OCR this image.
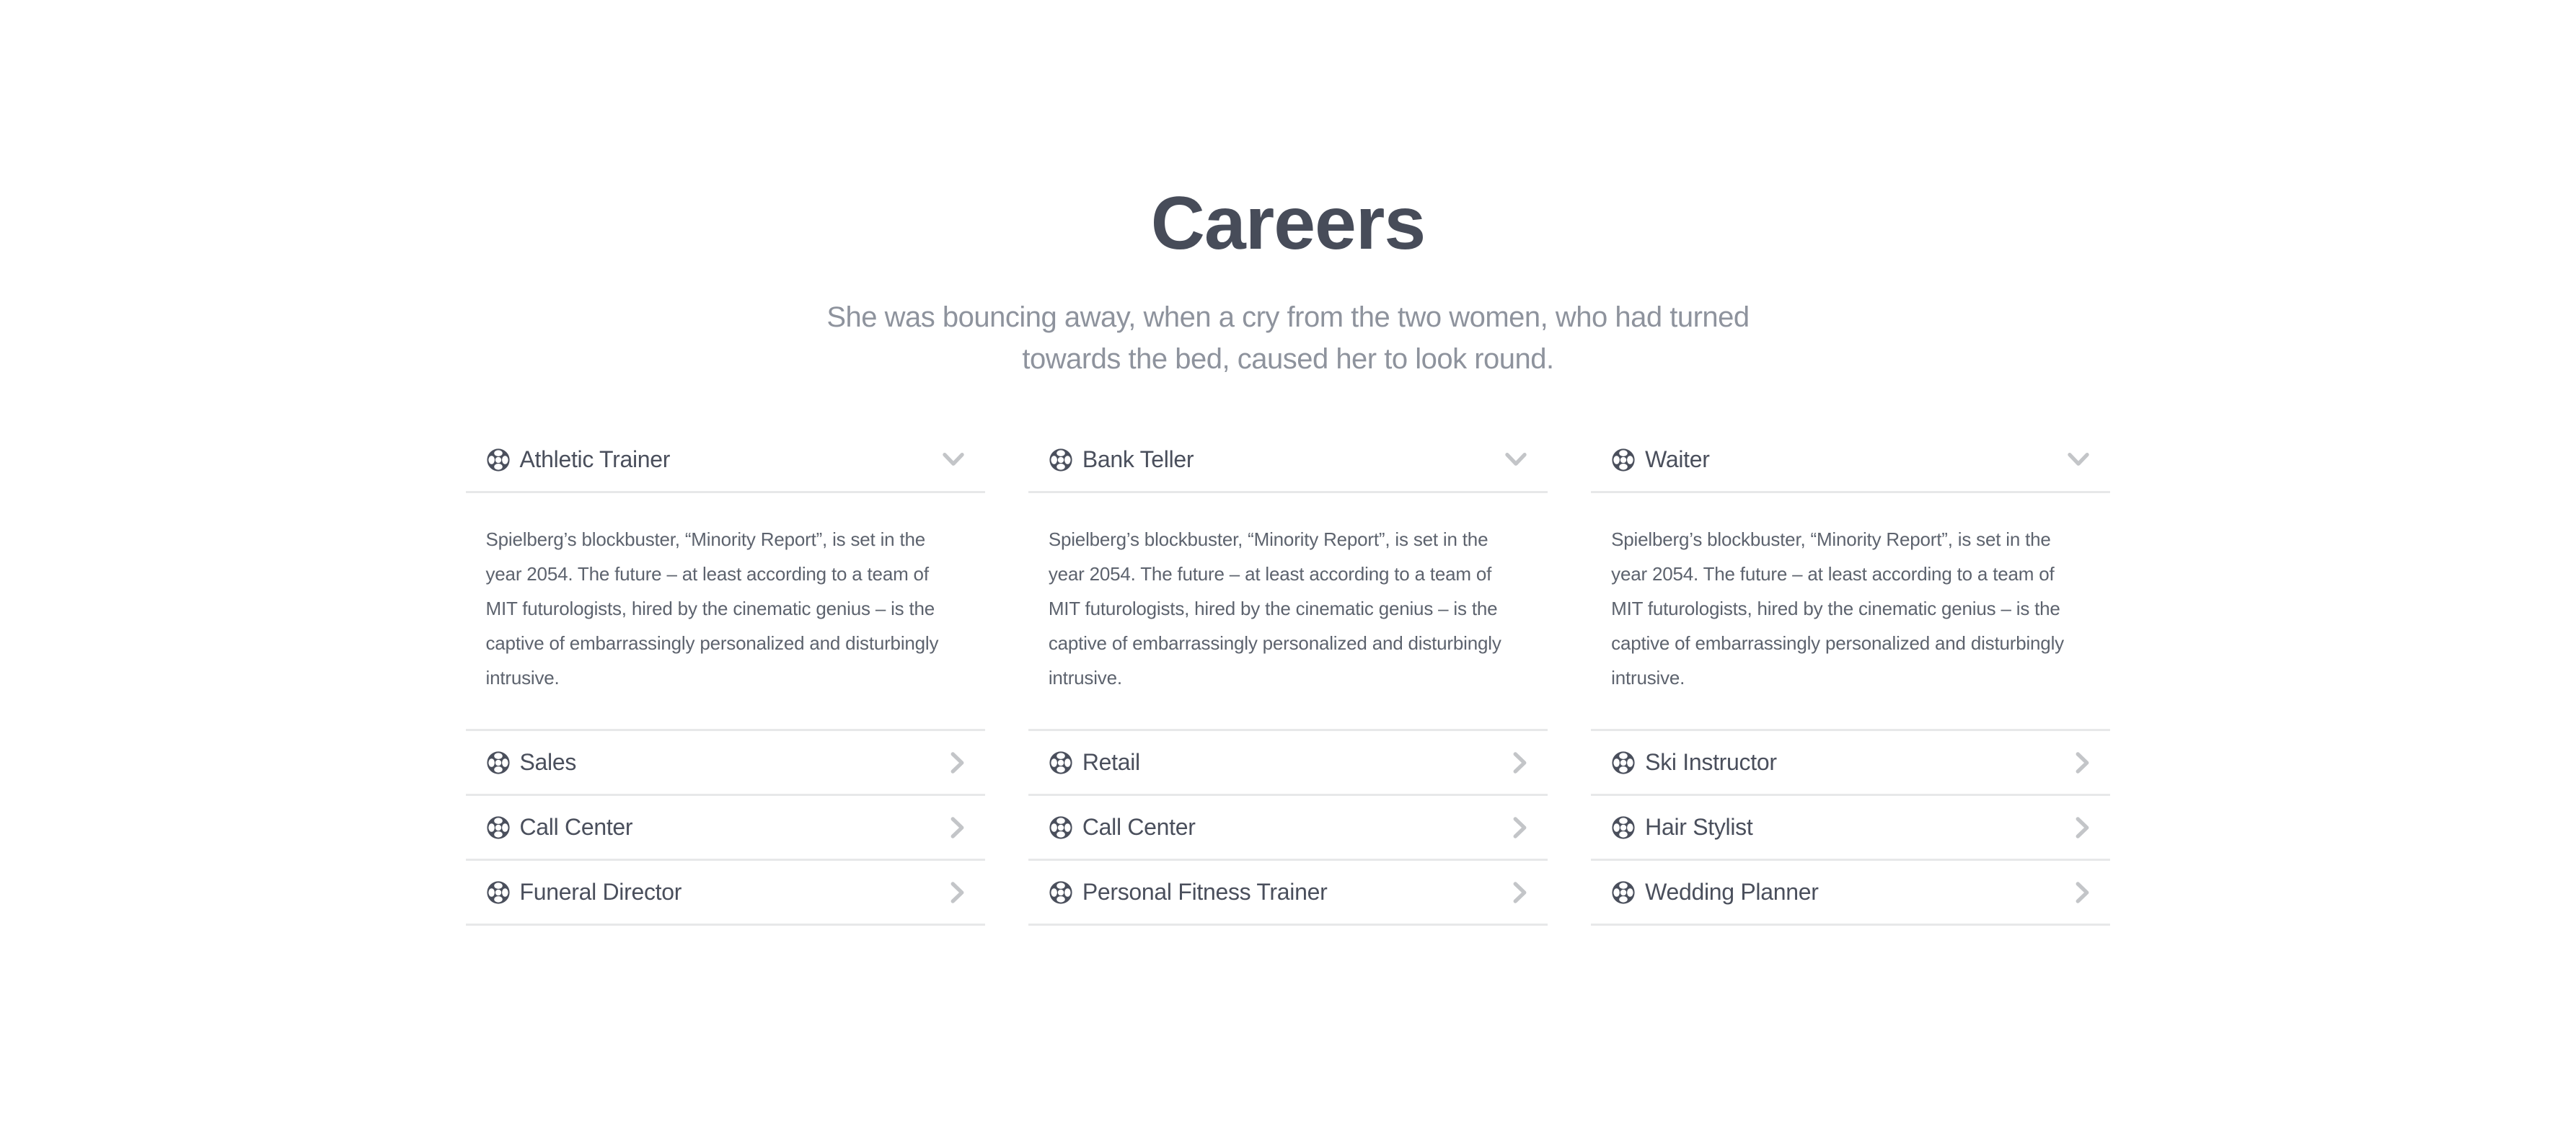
Careers

She was bouncing away, when a cry from the two women, who had turned towards the bed, caused her to look round.

Athletic Trainer

Spielberg’s blockbuster, “Minority Report”, is set in the year 2054. The future – at least according to a team of MIT futurologists, hired by the cinematic genius – is the captive of embarrassingly personalized and disturbingly intrusive.

Sales
Call Center
Funeral Director
Bank Teller

Spielberg’s blockbuster, “Minority Report”, is set in the year 2054. The future – at least according to a team of MIT futurologists, hired by the cinematic genius – is the captive of embarrassingly personalized and disturbingly intrusive.

Retail
Call Center
Personal Fitness Trainer
Waiter

Spielberg’s blockbuster, “Minority Report”, is set in the year 2054. The future – at least according to a team of MIT futurologists, hired by the cinematic genius – is the captive of embarrassingly personalized and disturbingly intrusive.

Ski Instructor
Hair Stylist
Wedding Planner
